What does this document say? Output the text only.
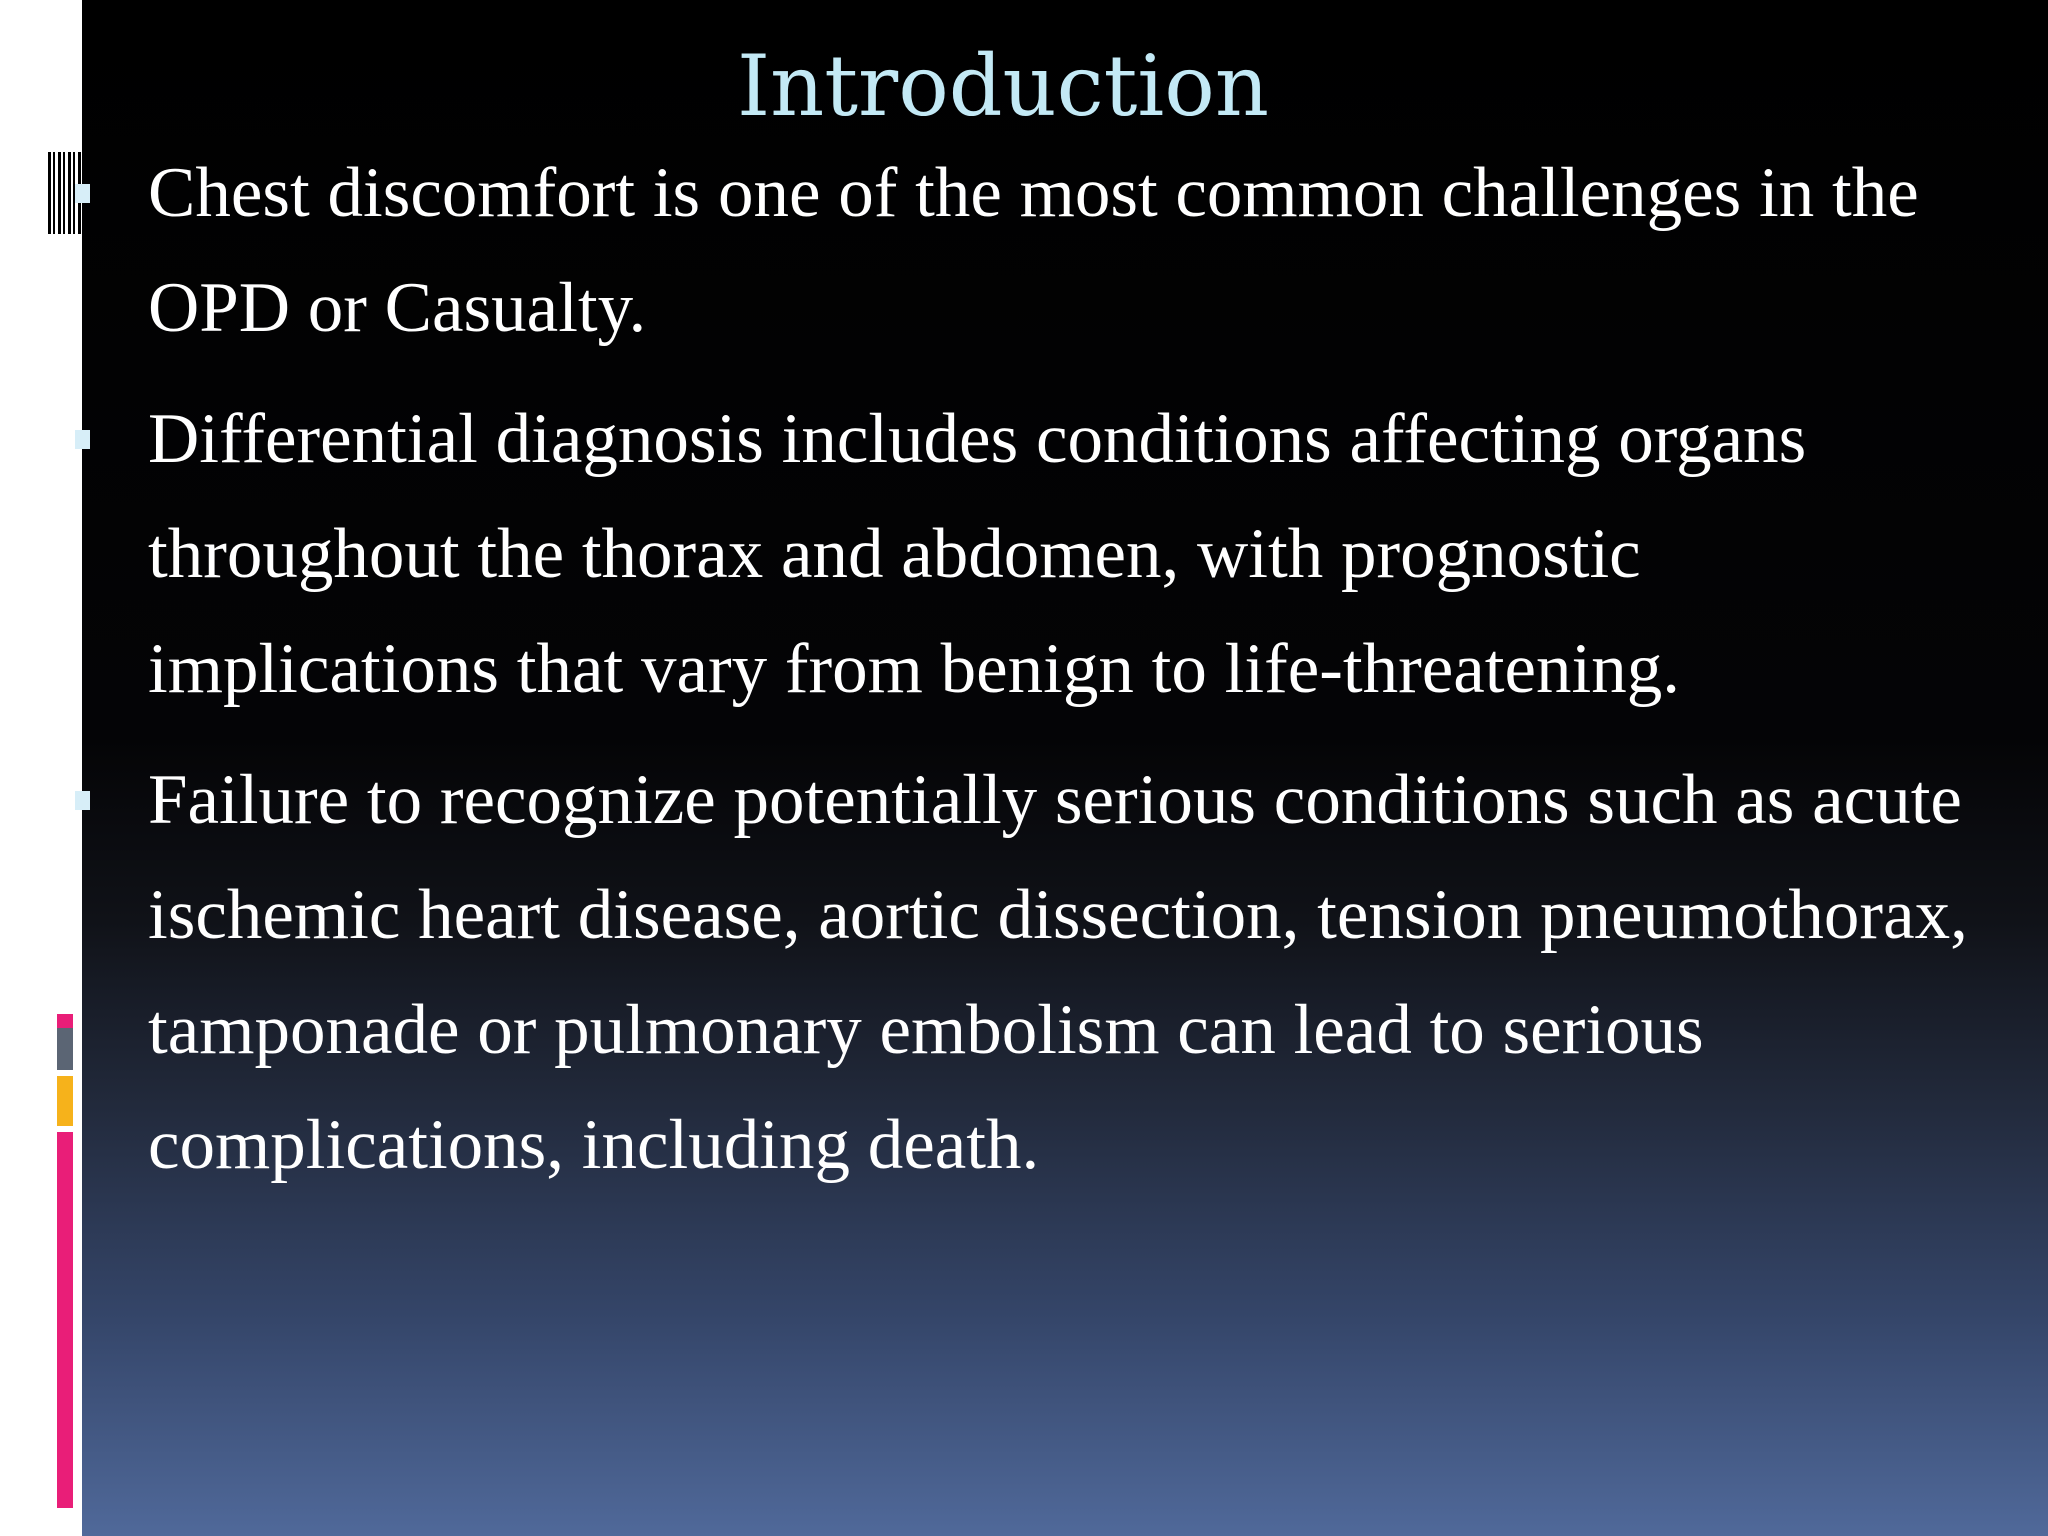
Introduction
Chest discomfort is one of the most common challenges in the OPD or Casualty.
Differential diagnosis includes conditions affecting organs throughout the thorax and abdomen, with prognostic implications that vary from benign to life-threatening.
Failure to recognize potentially serious conditions such as acute ischemic heart disease, aortic dissection, tension pneumothorax, tamponade or pulmonary embolism can lead to serious complications, including death.
